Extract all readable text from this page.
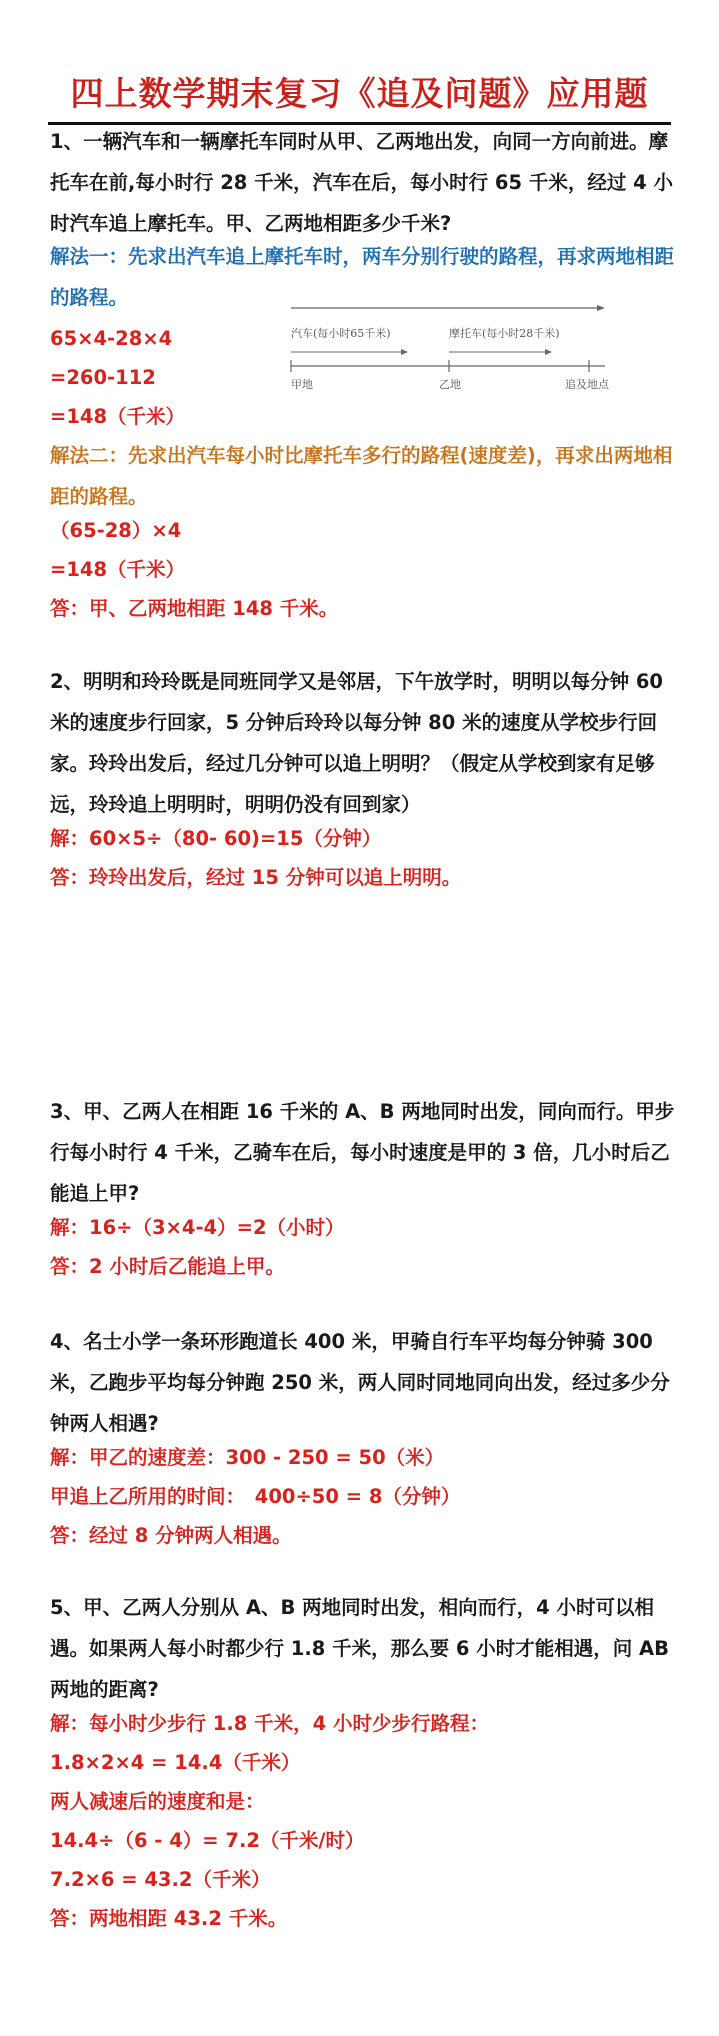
四上数学期末复习《追及问题》应用题

1、一辆汽车和一辆摩托车同时从甲、乙两地出发，向同一方向前进。摩托车在前,每小时行 28 千米，汽车在后，每小时行 65 千米，经过 4 小时汽车追上摩托车。甲、乙两地相距多少千米?

解法一：先求出汽车追上摩托车时，两车分别行驶的路程，再求两地相距的路程。

65×4-28×4

=260-112

=148（千米）

汽车(每小时65千米)	摩托车(每小时28千米)
甲地	乙地	追及地点

解法二：先求出汽车每小时比摩托车多行的路程(速度差)，再求出两地相距的路程。

（65-28）×4

=148（千米）

答：甲、乙两地相距 148 千米。

2、明明和玲玲既是同班同学又是邻居，下午放学时，明明以每分钟 60 米的速度步行回家，5 分钟后玲玲以每分钟 80 米的速度从学校步行回家。玲玲出发后，经过几分钟可以追上明明？（假定从学校到家有足够远，玲玲追上明明时，明明仍没有回到家）

解：60×5÷（80- 60)=15（分钟）

答：玲玲出发后，经过 15 分钟可以追上明明。

3、甲、乙两人在相距 16 千米的 A、B 两地同时出发，同向而行。甲步行每小时行 4 千米，乙骑车在后，每小时速度是甲的 3 倍，几小时后乙能追上甲?

解：16÷（3×4-4）=2（小时）

答：2 小时后乙能追上甲。

4、名士小学一条环形跑道长 400 米，甲骑自行车平均每分钟骑 300 米，乙跑步平均每分钟跑 250 米，两人同时同地同向出发，经过多少分钟两人相遇?

解：甲乙的速度差：300 - 250 = 50（米）

甲追上乙所用的时间：　400÷50 = 8（分钟）

答：经过 8 分钟两人相遇。

5、甲、乙两人分别从 A、B 两地同时出发，相向而行，4 小时可以相遇。如果两人每小时都少行 1.8 千米，那么要 6 小时才能相遇，问 AB 两地的距离?

解：每小时少步行 1.8 千米，4 小时少步行路程：

1.8×2×4 = 14.4（千米）

两人减速后的速度和是：

14.4÷（6 - 4）= 7.2（千米/时）

7.2×6 = 43.2（千米）

答：两地相距 43.2 千米。
